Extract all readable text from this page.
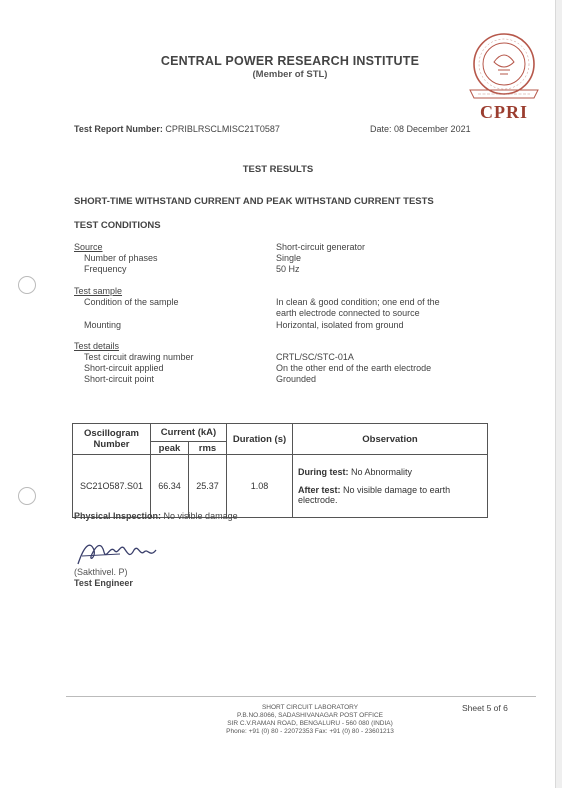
CENTRAL POWER RESEARCH INSTITUTE
(Member of STL)
CPRI
Test Report Number: CPRIBLRSCLMISC21T0587	Date: 08 December 2021
TEST RESULTS
SHORT-TIME WITHSTAND CURRENT AND PEAK WITHSTAND CURRENT TESTS
TEST CONDITIONS
Source	Short-circuit generator
Number of phases	Single
Frequency	50 Hz
Test sample
Condition of the sample	In clean & good condition; one end of the
earth electrode connected to source
Mounting	Horizontal, isolated from ground
Test details
Test circuit drawing number	CRTL/SC/STC-01A
Short-circuit applied	On the other end of the earth electrode
Short-circuit point	Grounded
Oscillogram Number	Current (kA)		Duration (s)	Observation
	peak	rms		
SC21O587.S01	66.34	25.37	1.08	During test: No Abnormality
After test: No visible damage to earth electrode.
Physical Inspection: No visible damage
(Sakthivel. P)
Test Engineer
SHORT CIRCUIT LABORATORY
P.B.NO.8066, SADASHIVANAGAR POST OFFICE
SIR C.V.RAMAN ROAD, BENGALURU - 560 080 (INDIA)
Phone: +91 (0) 80 - 22072353 Fax: +91 (0) 80 - 23601213
Sheet 5 of 6
